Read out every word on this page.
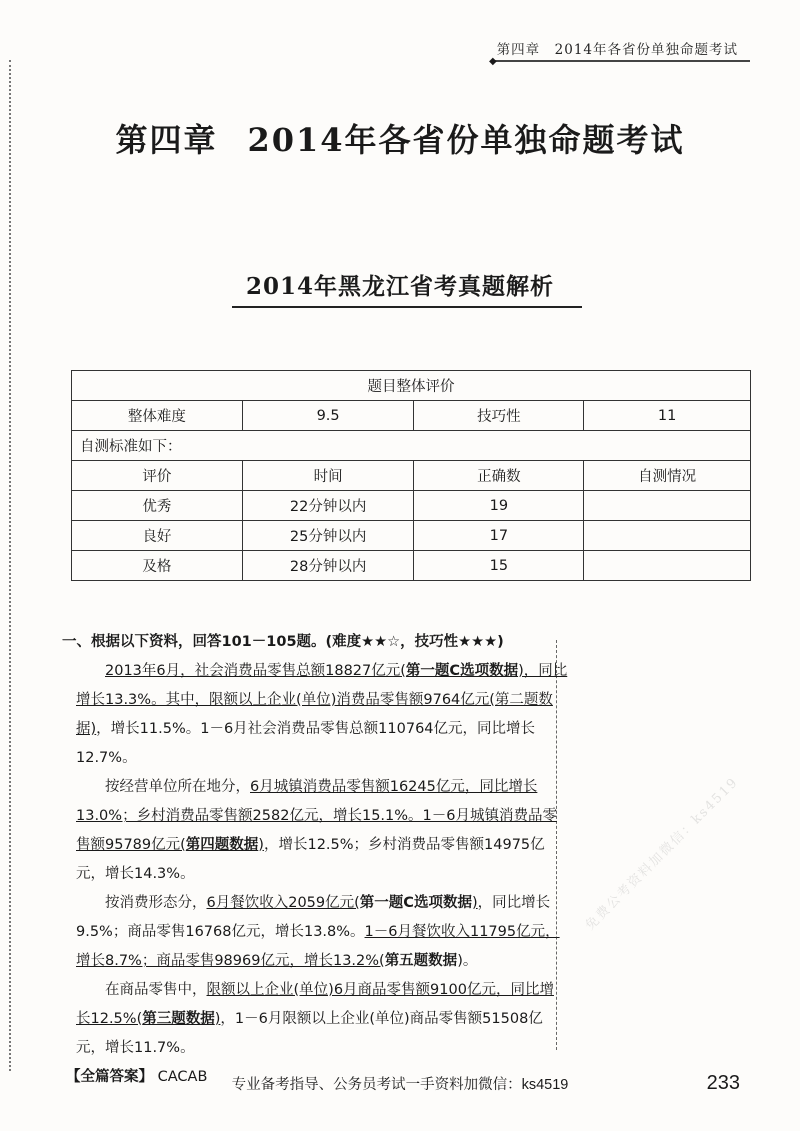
第四章　2014年各省份单独命题考试
◆
第四章 2014年各省份单独命题考试
2014年黑龙江省考真题解析
题目整体评价			
整体难度	9.5	技巧性	11
自测标准如下：			
评价	时间	正确数	自测情况
优秀	22分钟以内	19	
良好	25分钟以内	17	
及格	28分钟以内	15	

一、根据以下资料，回答101－105题。(难度★★☆，技巧性★★★)

2013年6月，社会消费品零售总额18827亿元(第一题C选项数据)，同比增长13.3%。其中，限额以上企业(单位)消费品零售额9764亿元(第二题数据)，增长11.5%。1－6月社会消费品零售总额110764亿元，同比增长12.7%。

按经营单位所在地分，6月城镇消费品零售额16245亿元，同比增长13.0%；乡村消费品零售额2582亿元，增长15.1%。1－6月城镇消费品零售额95789亿元(第四题数据)，增长12.5%；乡村消费品零售额14975亿元，增长14.3%。

按消费形态分，6月餐饮收入2059亿元(第一题C选项数据)，同比增长9.5%；商品零售16768亿元，增长13.8%。1－6月餐饮收入11795亿元，增长8.7%；商品零售98969亿元，增长13.2%(第五题数据)。

在商品零售中，限额以上企业(单位)6月商品零售额9100亿元，同比增长12.5%(第三题数据)，1－6月限额以上企业(单位)商品零售额51508亿元，增长11.7%。

【全篇答案】 CACAB

免费公考资料加微信：ks4519
专业备考指导、公务员考试一手资料加微信：ks4519	233
